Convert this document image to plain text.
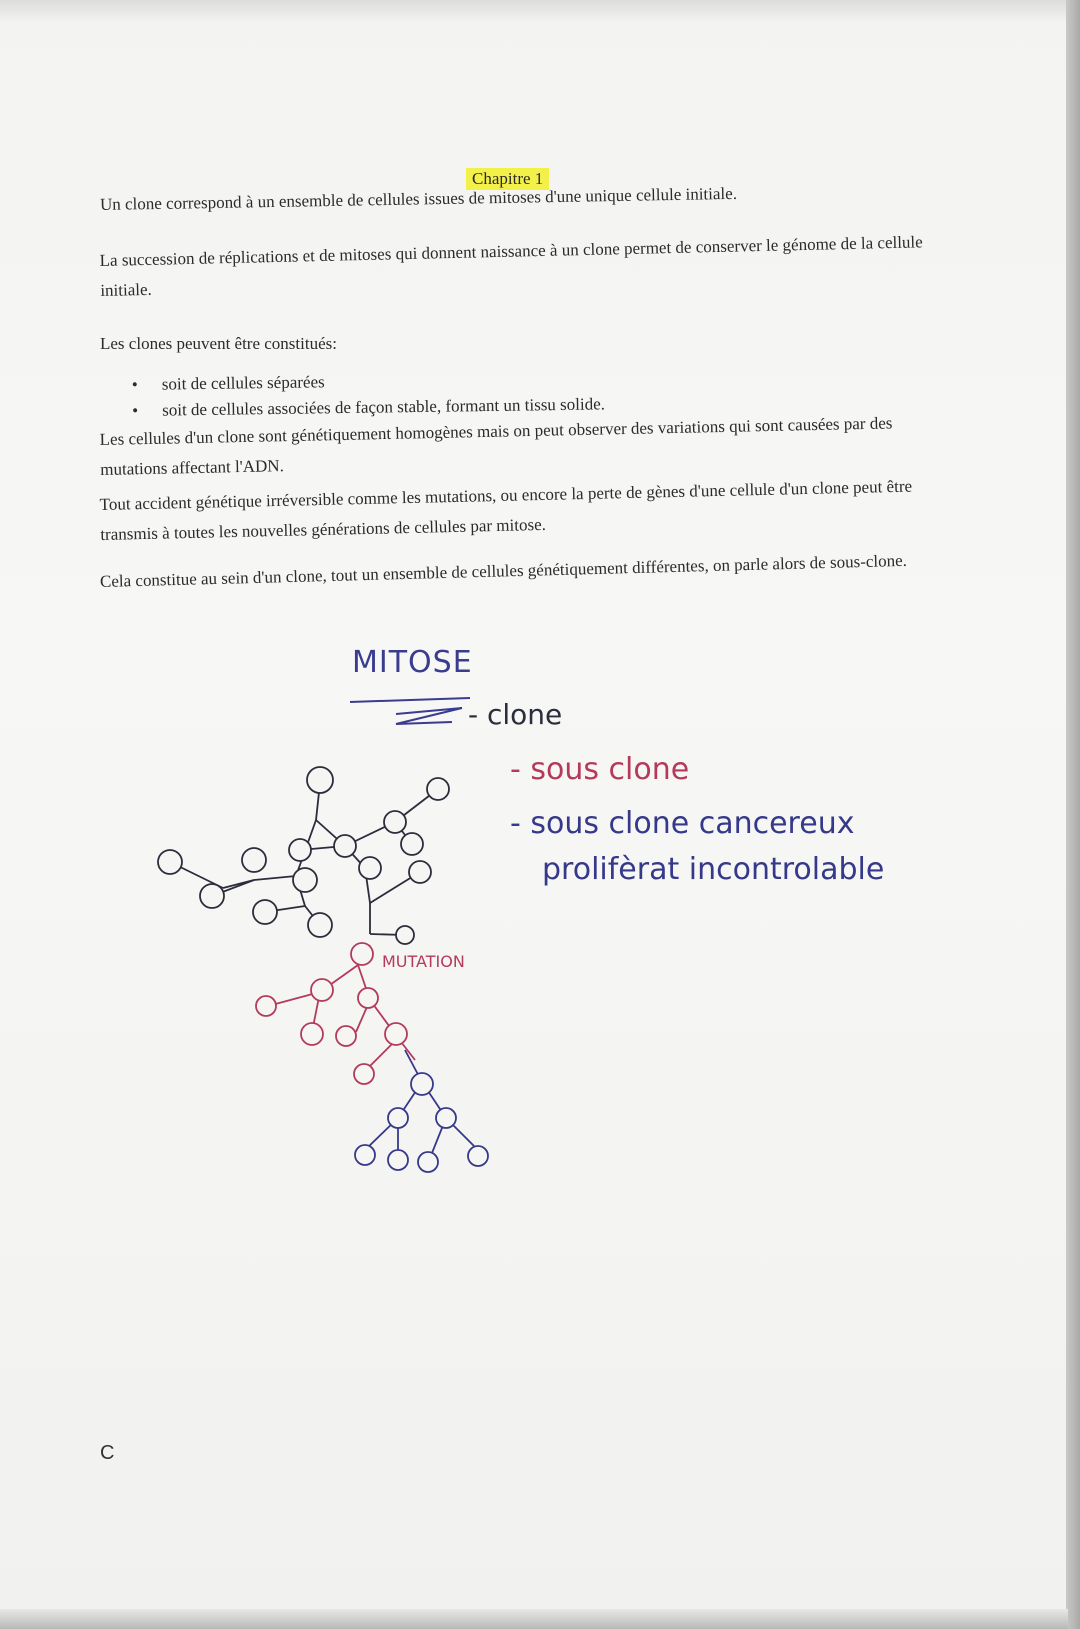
Chapitre 1
Un clone correspond à un ensemble de cellules issues de mitoses d'une unique cellule initiale.
La succession de réplications et de mitoses qui donnent naissance à un clone permet de conserver le génome de la cellule initiale.
Les clones peuvent être constitués:
• soit de cellules séparées
• soit de cellules associées de façon stable, formant un tissu solide.
Les cellules d'un clone sont génétiquement homogènes mais on peut observer des variations qui sont causées par des mutations affectant l'ADN.
Tout accident génétique irréversible comme les mutations, ou encore la perte de gènes d'une cellule d'un clone peut être transmis à toutes les nouvelles générations de cellules par mitose.
Cela constitue au sein d'un clone, tout un ensemble de cellules génétiquement différentes, on parle alors de sous-clone.
MITOSE
- clone
- sous clone
- sous clone cancereux
prolifèrat incontrolable
MUTATION
C
